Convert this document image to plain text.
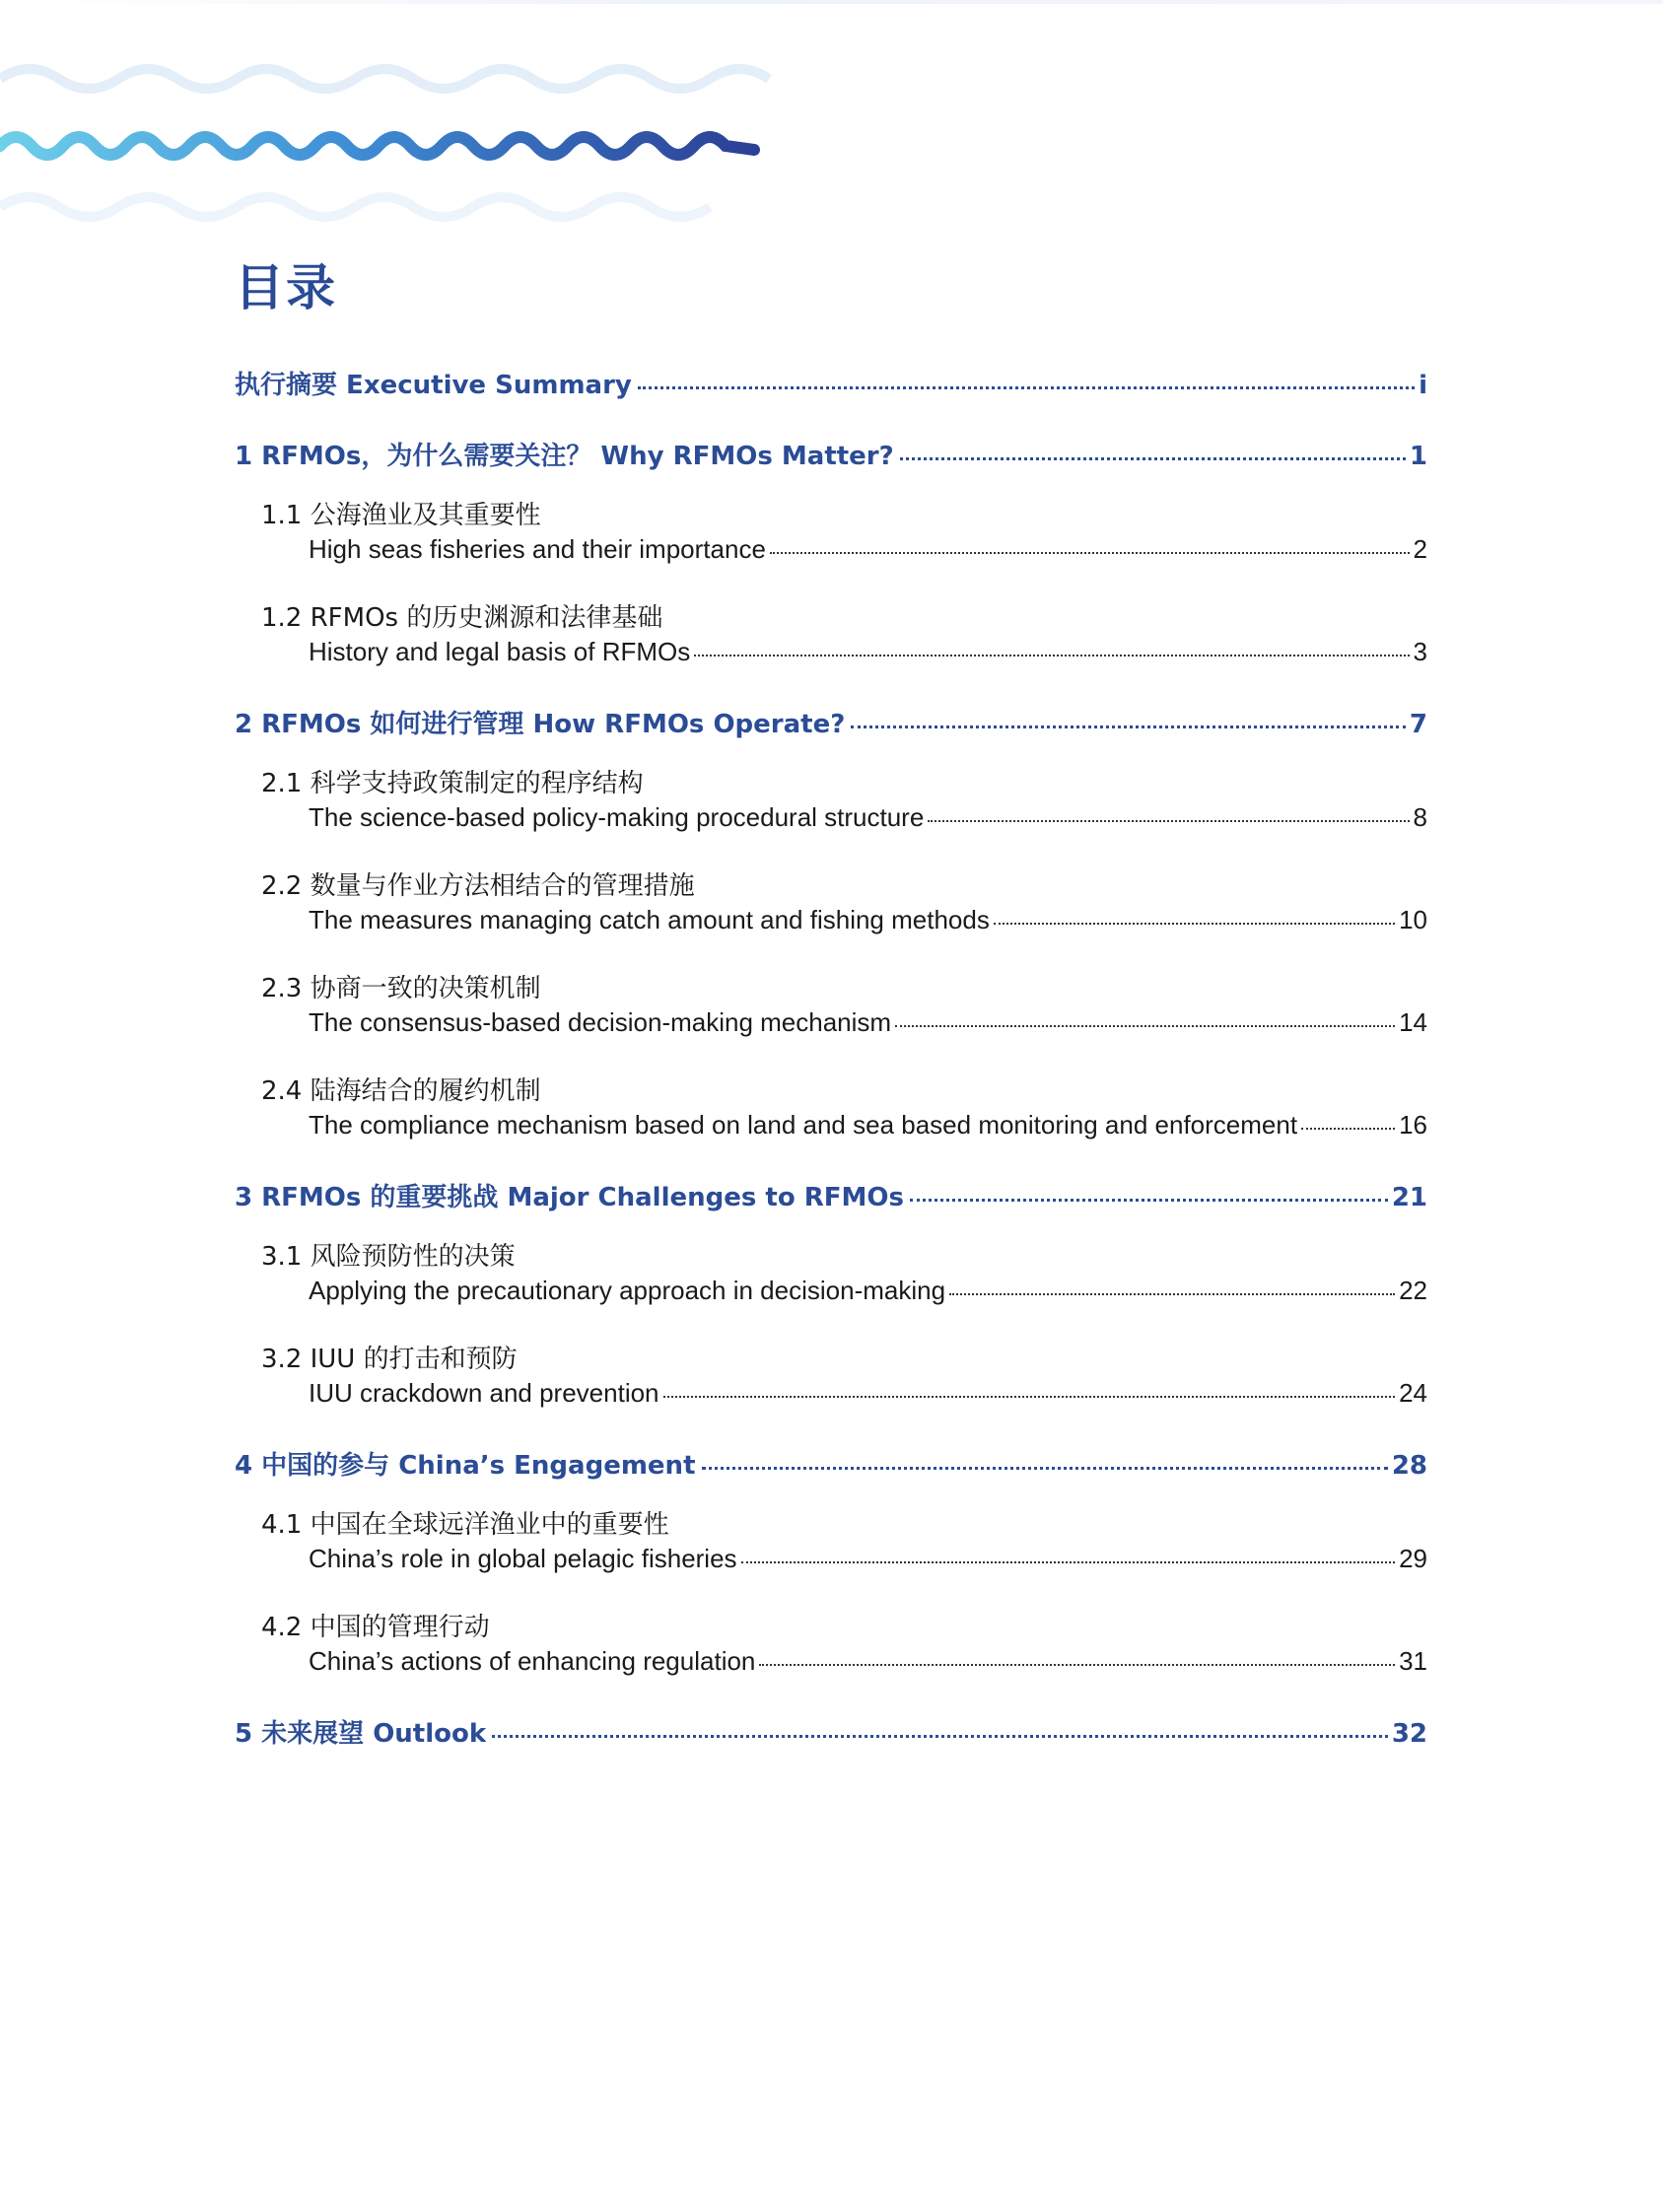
目录
执行摘要 Executive Summary	i
1 RFMOs，为什么需要关注？ Why RFMOs Matter?	1
1.1 公海渔业及其重要性
High seas fisheries and their importance	2
1.2 RFMOs 的历史渊源和法律基础
History and legal basis of RFMOs	3
2 RFMOs 如何进行管理 How RFMOs Operate?	7
2.1 科学支持政策制定的程序结构
The science-based policy-making procedural structure	8
2.2 数量与作业方法相结合的管理措施
The measures managing catch amount and fishing methods	10
2.3 协商一致的决策机制
The consensus-based decision-making mechanism	14
2.4 陆海结合的履约机制
The compliance mechanism based on land and sea based monitoring and enforcement	16
3 RFMOs 的重要挑战 Major Challenges to RFMOs	21
3.1 风险预防性的决策
Applying the precautionary approach in decision-making	22
3.2 IUU 的打击和预防
IUU crackdown and prevention	24
4 中国的参与 China’s Engagement	28
4.1 中国在全球远洋渔业中的重要性
China’s role in global pelagic fisheries	29
4.2 中国的管理行动
China’s actions of enhancing regulation	31
5 未来展望 Outlook	32
